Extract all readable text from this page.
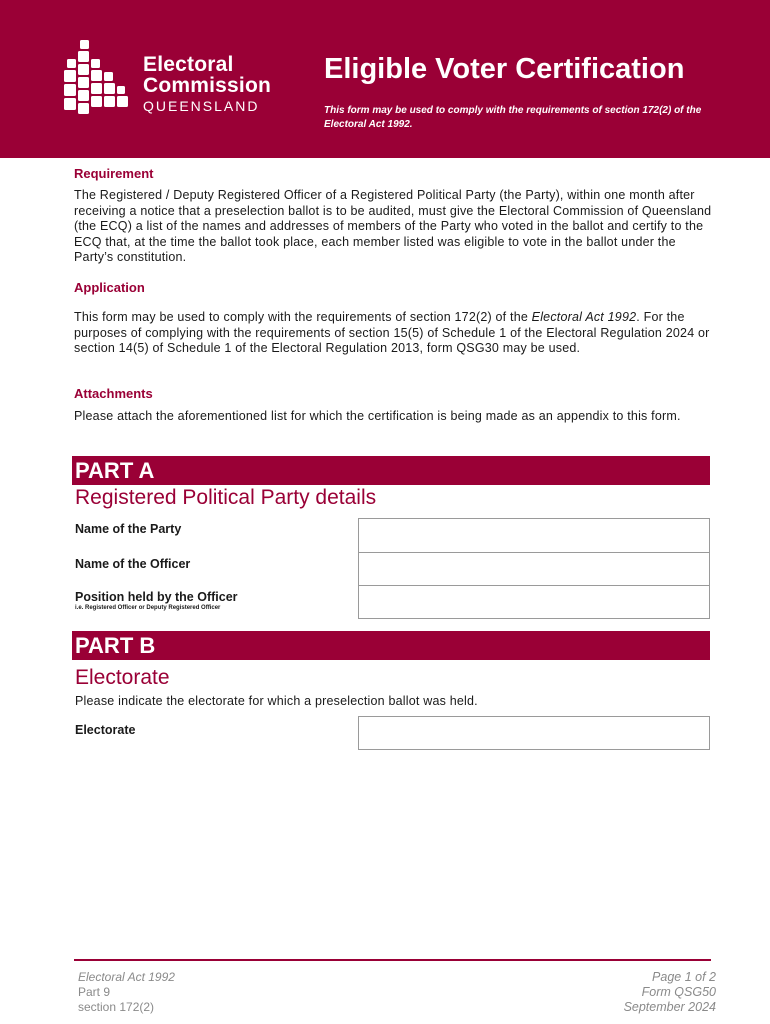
Electoral
Commission
QUEENSLAND
Eligible Voter Certification

This form may be used to comply with the requirements of section 172(2) of the Electoral Act 1992.

Requirement

The Registered / Deputy Registered Officer of a Registered Political Party (the Party), within one month after receiving a notice that a preselection ballot is to be audited, must give the Electoral Commission of Queensland (the ECQ) a list of the names and addresses of members of the Party who voted in the ballot and certify to the ECQ that, at the time the ballot took place, each member listed was eligible to vote in the ballot under the Party’s constitution.

Application

This form may be used to comply with the requirements of section 172(2) of the Electoral Act 1992. For the purposes of complying with the requirements of section 15(5) of Schedule 1 of the Electoral Regulation 2024 or section 14(5) of Schedule 1 of the Electoral Regulation 2013, form QSG30 may be used.

Attachments

Please attach the aforementioned list for which the certification is being made as an appendix to this form.

PART A
Registered Political Party details
Name of the Party
Name of the Officer
Position held by the Officer
i.e. Registered Officer or Deputy Registered Officer
PART B
Electorate

Please indicate the electorate for which a preselection ballot was held.

Electorate
Electoral Act 1992
Part 9
section 172(2)
Page 1 of 2
Form QSG50
September 2024
